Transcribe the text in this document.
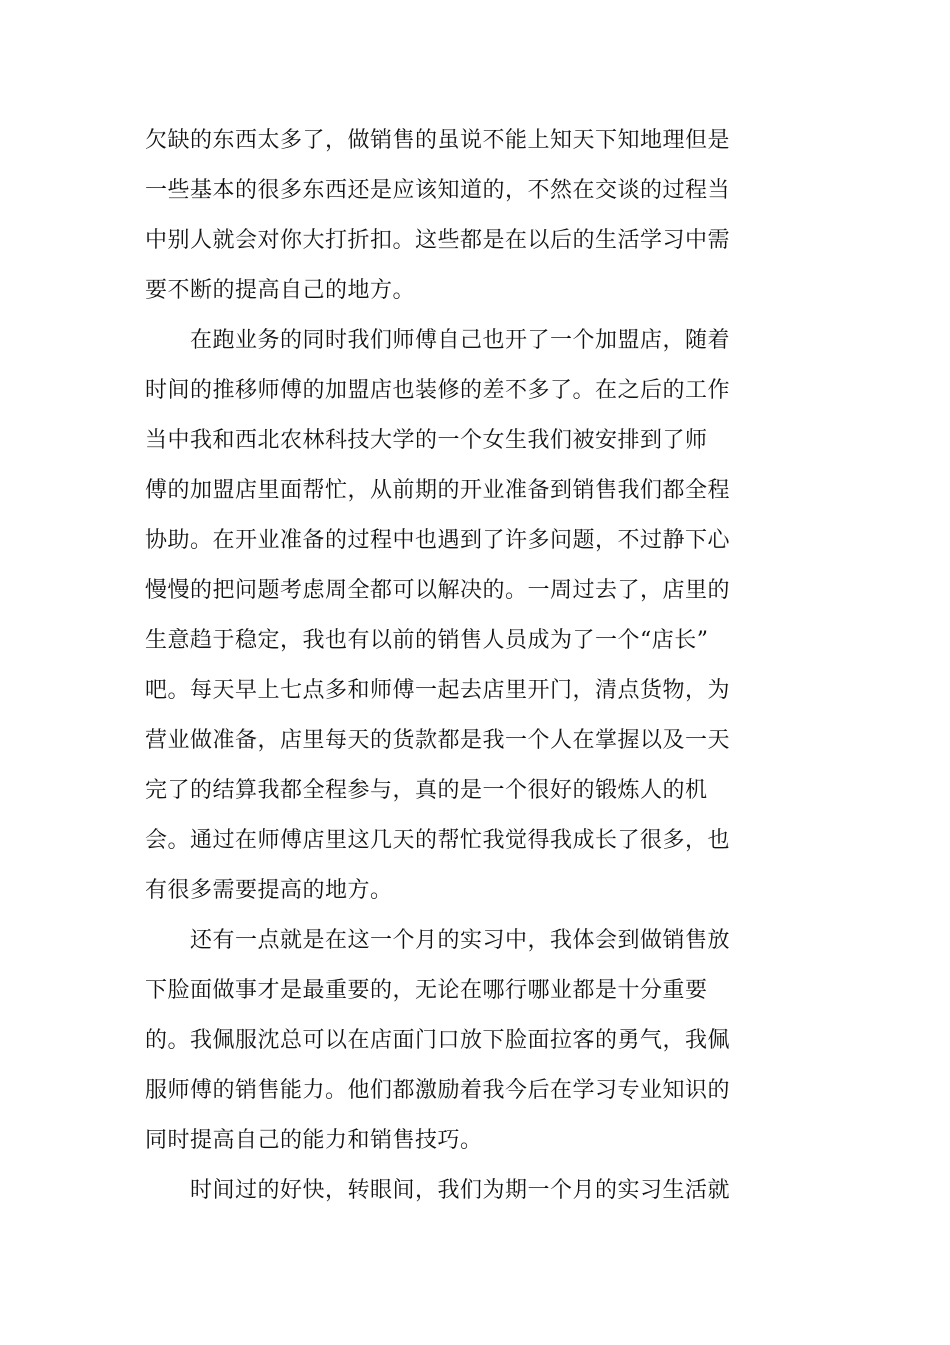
欠缺的东西太多了，做销售的虽说不能上知天下知地理但是
一些基本的很多东西还是应该知道的，不然在交谈的过程当
中别人就会对你大打折扣。这些都是在以后的生活学习中需
要不断的提高自己的地方。
　　在跑业务的同时我们师傅自己也开了一个加盟店，随着
时间的推移师傅的加盟店也装修的差不多了。在之后的工作
当中我和西北农林科技大学的一个女生我们被安排到了师
傅的加盟店里面帮忙，从前期的开业准备到销售我们都全程
协助。在开业准备的过程中也遇到了许多问题，不过静下心
慢慢的把问题考虑周全都可以解决的。一周过去了，店里的
生意趋于稳定，我也有以前的销售人员成为了一个“店长”
吧。每天早上七点多和师傅一起去店里开门，清点货物，为
营业做准备，店里每天的货款都是我一个人在掌握以及一天
完了的结算我都全程参与，真的是一个很好的锻炼人的机
会。通过在师傅店里这几天的帮忙我觉得我成长了很多，也
有很多需要提高的地方。
　　还有一点就是在这一个月的实习中，我体会到做销售放
下脸面做事才是最重要的，无论在哪行哪业都是十分重要
的。我佩服沈总可以在店面门口放下脸面拉客的勇气，我佩
服师傅的销售能力。他们都激励着我今后在学习专业知识的
同时提高自己的能力和销售技巧。
　　时间过的好快，转眼间，我们为期一个月的实习生活就
